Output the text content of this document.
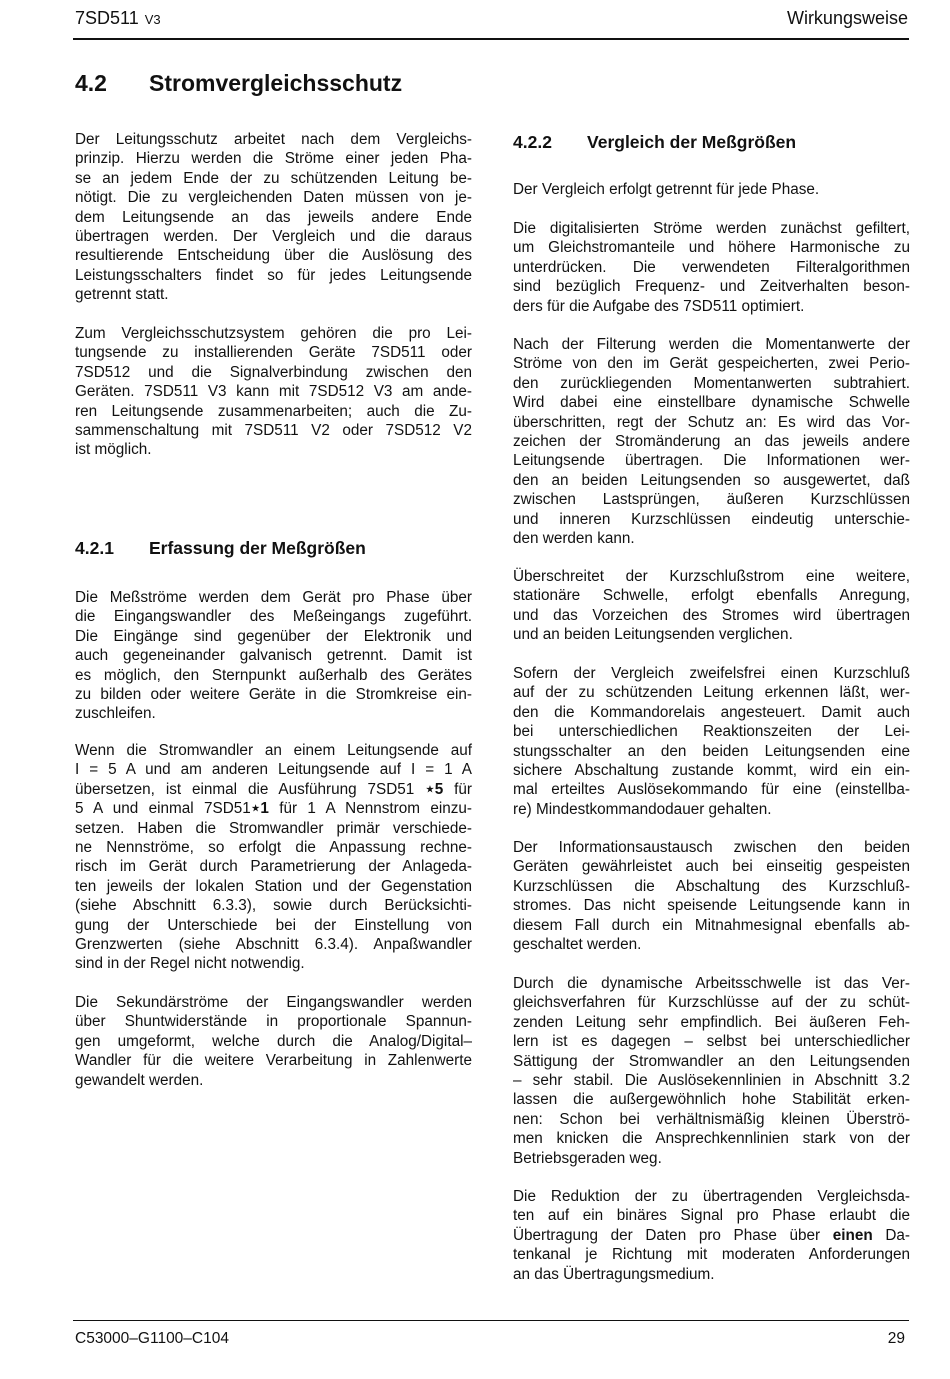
7SD511 V3	Wirkungsweise
4.2 Stromvergleichsschutz
Der Leitungsschutz arbeitet nach dem Vergleichs-
prinzip. Hierzu werden die Ströme einer jeden Pha-
se an jedem Ende der zu schützenden Leitung be-
nötigt. Die zu vergleichenden Daten müssen von je-
dem Leitungsende an das jeweils andere Ende
übertragen werden. Der Vergleich und die daraus
resultierende Entscheidung über die Auslösung des
Leistungsschalters findet so für jedes Leitungsende
getrennt statt.
Zum Vergleichsschutzsystem gehören die pro Lei-
tungsende zu installierenden Geräte 7SD511 oder
7SD512 und die Signalverbindung zwischen den
Geräten. 7SD511 V3 kann mit 7SD512 V3 am ande-
ren Leitungsende zusammenarbeiten; auch die Zu-
sammenschaltung mit 7SD511 V2 oder 7SD512 V2
ist möglich.
4.2.1 Erfassung der Meßgrößen
Die Meßströme werden dem Gerät pro Phase über
die Eingangswandler des Meßeingangs zugeführt.
Die Eingänge sind gegenüber der Elektronik und
auch gegeneinander galvanisch getrennt. Damit ist
es möglich, den Sternpunkt außerhalb des Gerätes
zu bilden oder weitere Geräte in die Stromkreise ein-
zuschleifen.
Wenn die Stromwandler an einem Leitungsende auf
I = 5 A und am anderen Leitungsende auf I = 1 A
übersetzen, ist einmal die Ausführung 7SD51 ⋆5 für
5 A und einmal 7SD51⋆1 für 1 A Nennstrom einzu-
setzen. Haben die Stromwandler primär verschiede-
ne Nennströme, so erfolgt die Anpassung rechne-
risch im Gerät durch Parametrierung der Anlageda-
ten jeweils der lokalen Station und der Gegenstation
(siehe Abschnitt 6.3.3), sowie durch Berücksichti-
gung der Unterschiede bei der Einstellung von
Grenzwerten (siehe Abschnitt 6.3.4). Anpaßwandler
sind in der Regel nicht notwendig.
Die Sekundärströme der Eingangswandler werden
über Shuntwiderstände in proportionale Spannun-
gen umgeformt, welche durch die Analog/Digital–
Wandler für die weitere Verarbeitung in Zahlenwerte
gewandelt werden.
4.2.2 Vergleich der Meßgrößen
Der Vergleich erfolgt getrennt für jede Phase.
Die digitalisierten Ströme werden zunächst gefiltert,
um Gleichstromanteile und höhere Harmonische zu
unterdrücken. Die verwendeten Filteralgorithmen
sind bezüglich Frequenz- und Zeitverhalten beson-
ders für die Aufgabe des 7SD511 optimiert.
Nach der Filterung werden die Momentanwerte der
Ströme von den im Gerät gespeicherten, zwei Perio-
den zurückliegenden Momentanwerten subtrahiert.
Wird dabei eine einstellbare dynamische Schwelle
überschritten, regt der Schutz an: Es wird das Vor-
zeichen der Stromänderung an das jeweils andere
Leitungsende übertragen. Die Informationen wer-
den an beiden Leitungsenden so ausgewertet, daß
zwischen Lastsprüngen, äußeren Kurzschlüssen
und inneren Kurzschlüssen eindeutig unterschie-
den werden kann.
Überschreitet der Kurzschlußstrom eine weitere,
stationäre Schwelle, erfolgt ebenfalls Anregung,
und das Vorzeichen des Stromes wird übertragen
und an beiden Leitungsenden verglichen.
Sofern der Vergleich zweifelsfrei einen Kurzschluß
auf der zu schützenden Leitung erkennen läßt, wer-
den die Kommandorelais angesteuert. Damit auch
bei unterschiedlichen Reaktionszeiten der Lei-
stungsschalter an den beiden Leitungsenden eine
sichere Abschaltung zustande kommt, wird ein ein-
mal erteiltes Auslösekommando für eine (einstellba-
re) Mindestkommandodauer gehalten.
Der Informationsaustausch zwischen den beiden
Geräten gewährleistet auch bei einseitig gespeisten
Kurzschlüssen die Abschaltung des Kurzschluß-
stromes. Das nicht speisende Leitungsende kann in
diesem Fall durch ein Mitnahmesignal ebenfalls ab-
geschaltet werden.
Durch die dynamische Arbeitsschwelle ist das Ver-
gleichsverfahren für Kurzschlüsse auf der zu schüt-
zenden Leitung sehr empfindlich. Bei äußeren Feh-
lern ist es dagegen – selbst bei unterschiedlicher
Sättigung der Stromwandler an den Leitungsenden
– sehr stabil. Die Auslösekennlinien in Abschnitt 3.2
lassen die außergewöhnlich hohe Stabilität erken-
nen: Schon bei verhältnismäßig kleinen Überströ-
men knicken die Ansprechkennlinien stark von der
Betriebsgeraden weg.
Die Reduktion der zu übertragenden Vergleichsda-
ten auf ein binäres Signal pro Phase erlaubt die
Übertragung der Daten pro Phase über einen Da-
tenkanal je Richtung mit moderaten Anforderungen
an das Übertragungsmedium.
C53000–G1100–C104	29
